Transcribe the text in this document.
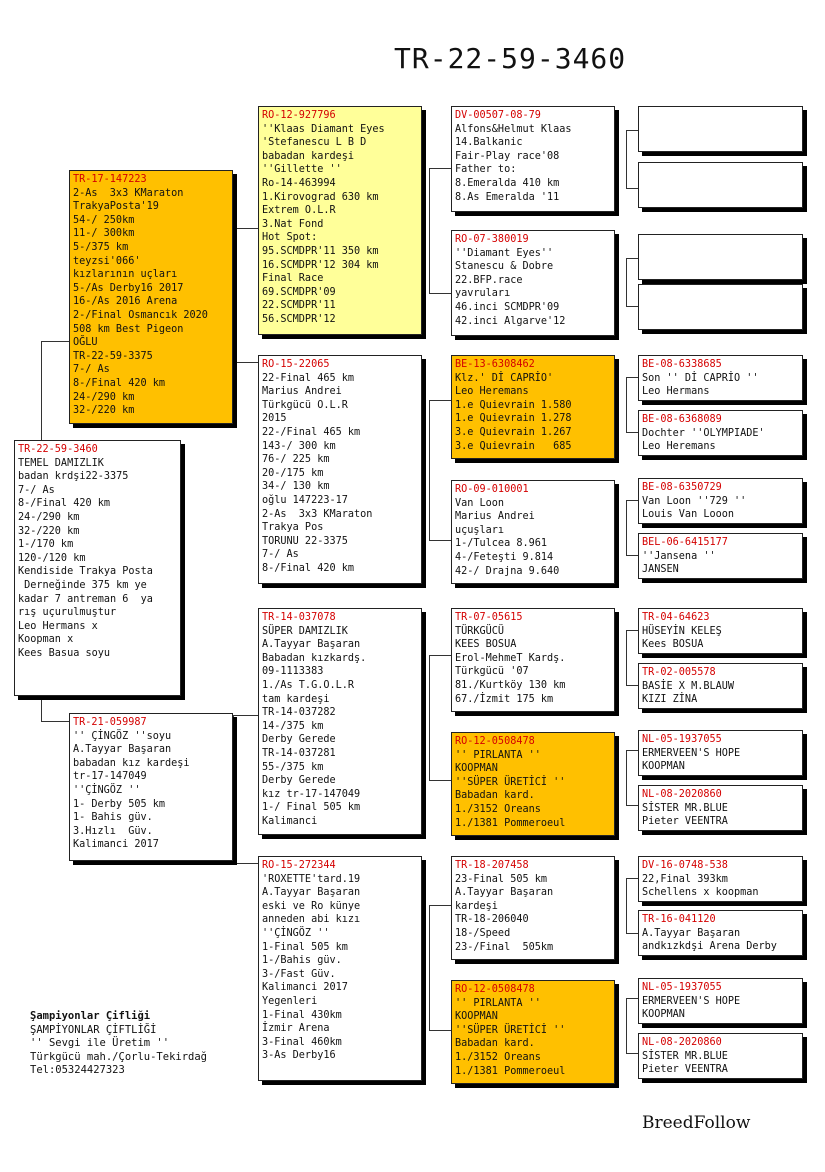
TR-22-59-3460
TR-22-59-3460
TEMEL DAMIZLIK
badan krdşi22-3375
7-/ As
8-/Final 420 km
24-/290 km
32-/220 km
1-/170 km
120-/120 km
Kendiside Trakya Posta
Derneğinde 375 km ye
kadar 7 antreman 6  ya
rış uçurulmuştur
Leo Hermans x
Koopman x
Kees Basua soyu
TR-17-147223
2-As  3x3 KMaraton
TrakyaPosta'19
54-/ 250km
11-/ 300km
5-/375 km
teyzsi'066'
kızlarının uçları
5-/As Derby16 2017
16-/As 2016 Arena
2-/Final Osmancık 2020
508 km Best Pigeon
OĞLU
TR-22-59-3375
7-/ As
8-/Final 420 km
24-/290 km
32-/220 km
TR-21-059987
'' ÇİNGÖZ ''soyu
A.Tayyar Başaran
babadan kız kardeşi
tr-17-147049
''ÇİNGÖZ ''
1- Derby 505 km
1- Bahis güv.
3.Hızlı  Güv.
Kalimanci 2017
RO-12-927796
''Klaas Diamant Eyes
'Stefanescu L B D
babadan kardeşi
''Gillette ''
Ro-14-463994
1.Kirovograd 630 km
Extrem O.L.R
3.Nat Fond
Hot Spot:
95.SCMDPR'11 350 km
16.SCMDPR'12 304 km
Final Race
69.SCMDPR'09
22.SCMDPR'11
56.SCMDPR'12
RO-15-22065
22-Final 465 km
Marius Andrei
Türkgücü O.L.R
2015
22-/Final 465 km
143-/ 300 km
76-/ 225 km
20-/175 km
34-/ 130 km
oğlu 147223-17
2-As  3x3 KMaraton
Trakya Pos
TORUNU 22-3375
7-/ As
8-/Final 420 km
TR-14-037078
SÜPER DAMIZLIK
A.Tayyar Başaran
Babadan kızkardş.
09-1113383
1./As T.G.O.L.R
tam kardeşi
TR-14-037282
14-/375 km
Derby Gerede
TR-14-037281
55-/375 km
Derby Gerede
kız tr-17-147049
1-/ Final 505 km
Kalimanci
RO-15-272344
'ROXETTE'tard.19
A.Tayyar Başaran
eski ve Ro künye
anneden abi kızı
''ÇİNGÖZ ''
1-Final 505 km
1-/Bahis güv.
3-/Fast Güv.
Kalimanci 2017
Yegenleri
1-Final 430km
İzmir Arena
3-Final 460km
3-As Derby16
DV-00507-08-79
Alfons&Helmut Klaas
14.Balkanic
Fair-Play race'08
Father to:
8.Emeralda 410 km
8.As Emeralda '11
RO-07-380019
''Diamant Eyes''
Stanescu & Dobre
22.BFP.race
yavruları
46.inci SCMDPR'09
42.inci Algarve'12
BE-13-6308462
Klz.' Dİ CAPRİO'
Leo Heremans
1.e Quievrain 1.580
1.e Quievrain 1.278
3.e Quievrain 1.267
3.e Quievrain   685
RO-09-010001
Van Loon
Marius Andrei
uçuşları
1-/Tulcea 8.961
4-/Feteşti 9.814
42-/ Drajna 9.640
TR-07-05615
TÜRKGÜCÜ
KEES BOSUA
Erol-MehmeT Kardş.
Türkgücü '07
81./Kurtköy 130 km
67./İzmit 175 km
RO-12-0508478
'' PIRLANTA ''
KOOPMAN
''SÜPER ÜRETİCİ ''
Babadan kard.
1./3152 Oreans
1./1381 Pommeroeul
TR-18-207458
23-Final 505 km
A.Tayyar Başaran
kardeşi
TR-18-206040
18-/Speed
23-/Final  505km
RO-12-0508478
'' PIRLANTA ''
KOOPMAN
''SÜPER ÜRETİCİ ''
Babadan kard.
1./3152 Oreans
1./1381 Pommeroeul
BE-08-6338685
Son '' Dİ CAPRİO ''
Leo Hermans
BE-08-6368089
Dochter ''OLYMPIADE'
Leo Heremans
BE-08-6350729
Van Loon ''729 ''
Louis Van Looon
BEL-06-6415177
''Jansena ''
JANSEN
TR-04-64623
HÜSEYİN KELEŞ
Kees BOSUA
TR-02-005578
BASİE X M.BLAUW
KIZI ZİNA
NL-05-1937055
ERMERVEEN'S HOPE
KOOPMAN
NL-08-2020860
SİSTER MR.BLUE
Pieter VEENTRA
DV-16-0748-538
22,Final 393km
Schellens x koopman
TR-16-041120
A.Tayyar Başaran
andkızkdşi Arena Derby
NL-05-1937055
ERMERVEEN'S HOPE
KOOPMAN
NL-08-2020860
SİSTER MR.BLUE
Pieter VEENTRA
Şampiyonlar Çifliği
ŞAMPİYONLAR ÇİFTLİĞİ
'' Sevgi ile Üretim ''
Türkgücü mah./Çorlu-Tekirdağ
Tel:05324427323
BreedFollow
